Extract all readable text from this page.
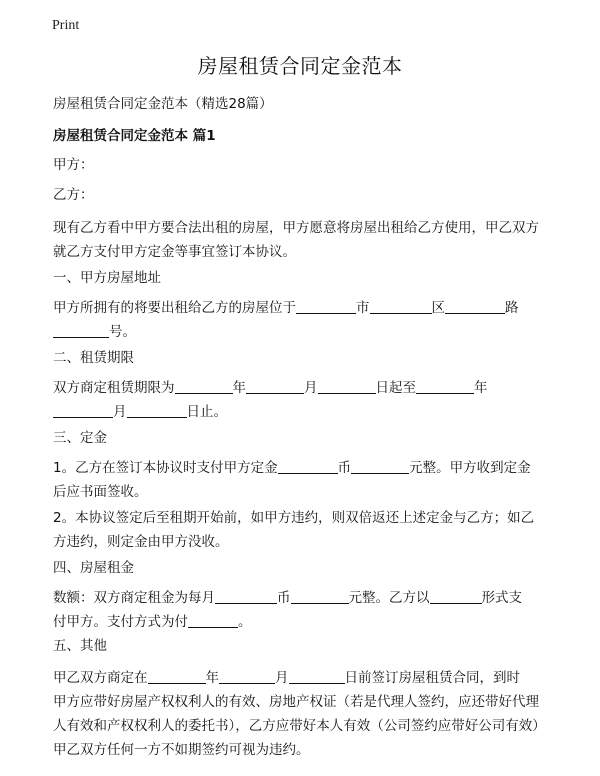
Print
房屋租赁合同定金范本
房屋租赁合同定金范本（精选28篇）
房屋租赁合同定金范本 篇1
甲方：
乙方：
现有乙方看中甲方要合法出租的房屋，甲方愿意将房屋出租给乙方使用，甲乙双方
就乙方支付甲方定金等事宜签订本协议。
一、甲方房屋地址
甲方所拥有的将要出租给乙方的房屋位于	市	区	路
号。
二、租赁期限
双方商定租赁期限为	年	月	日起至	年
月	日止。
三、定金
1。乙方在签订本协议时支付甲方定金	币	元整。甲方收到定金
后应书面签收。
2。本协议签定后至租期开始前，如甲方违约，则双倍返还上述定金与乙方；如乙
方违约，则定金由甲方没收。
四、房屋租金
数额：双方商定租金为每月	币	元整。乙方以	形式支
付甲方。支付方式为付	。
五、其他
甲乙双方商定在	年	月	日前签订房屋租赁合同，到时
甲方应带好房屋产权权利人的有效、房地产权证（若是代理人签约，应还带好代理
人有效和产权权利人的委托书），乙方应带好本人有效（公司签约应带好公司有效）
甲乙双方任何一方不如期签约可视为违约。
